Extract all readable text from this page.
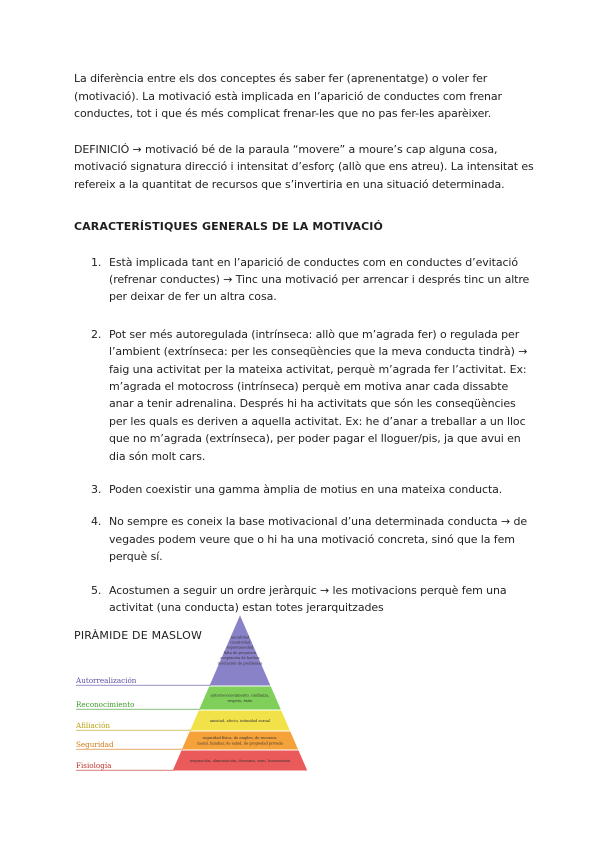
La diferència entre els dos conceptes és saber fer (aprenentatge) o voler fer (motivació). La motivació està implicada en l’aparició de conductes com frenar conductes, tot i que és més complicat frenar-les que no pas fer-les aparèixer.

DEFINICIÓ → motivació bé de la paraula “movere” a moure’s cap alguna cosa, motivació signatura direcció i intensitat d’esforç (allò que ens atreu). La intensitat es refereix a la quantitat de recursos que s’invertiria en una situació determinada.

CARACTERÍSTIQUES GENERALS DE LA MOTIVACIÓ
1. Està implicada tant en l’aparició de conductes com en conductes d’evitació (refrenar conductes) → Tinc una motivació per arrencar i després tinc un altre per deixar de fer un altra cosa.
2. Pot ser més autoregulada (intrínseca: allò que m’agrada fer) o regulada per l’ambient (extrínseca: per les conseqüències que la meva conducta tindrà) → faig una activitat per la mateixa activitat, perquè m’agrada fer l’activitat. Ex: m’agrada el motocross (intrínseca) perquè em motiva anar cada dissabte anar a tenir adrenalina. Després hi ha activitats que són les conseqüències per les quals es deriven a aquella activitat. Ex: he d’anar a treballar a un lloc que no m’agrada (extrínseca), per poder pagar el lloguer/pis, ja que avui en dia són molt cars.
3. Poden coexistir una gamma àmplia de motius en una mateixa conducta.
4. No sempre es coneix la base motivacional d’una determinada conducta → de vegades podem veure que o hi ha una motivació concreta, sinó que la fem perquè sí.
5. Acostumen a seguir un ordre jeràrquic → les motivacions perquè fem una activitat (una conducta) estan totes jerarquitzades
PIRÀMIDE DE MASLOW	moralidad
creatividad
espontaneidad
falta de prejuicios
aceptación de hechos
resolución de problemas
Autorrealización
autorreconocimiento, confianza,
respeto, éxito
Reconocimiento
amistad, afecto, intimidad sexual
Afiliación
seguridad física, de empleo, de recursos,
moral, familiar, de salud, de propiedad privada
Seguridad
respiración, alimentación, descanso, sexo, homeostasis
Fisiología
